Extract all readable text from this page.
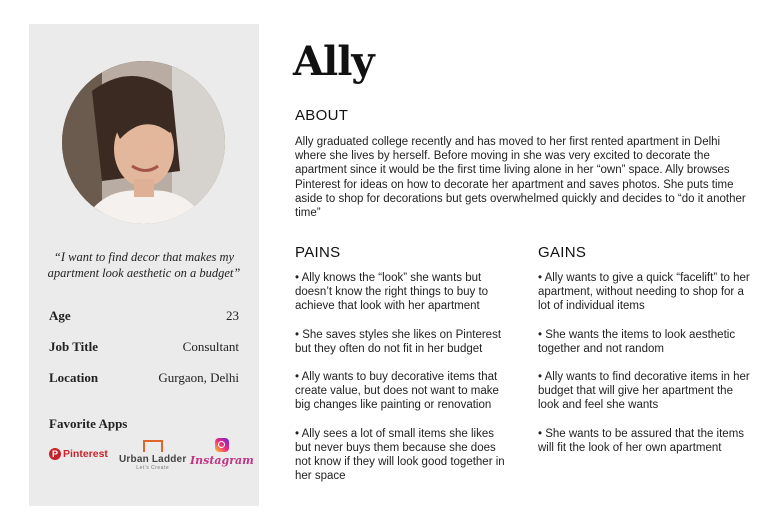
“I want to find decor that makes my apartment look aesthetic on a budget”
Age	23
Job Title	Consultant
Location	Gurgaon, Delhi
Favorite Apps
P Pinterest Urban Ladder
Let's Create
Instagram
Ally
ABOUT
Ally graduated college recently and has moved to her first rented apartment in Delhi where she lives by herself. Before moving in she was very excited to decorate the apartment since it would be the first time living alone in her “own” space. Ally browses Pinterest for ideas on how to decorate her apartment and saves photos. She puts time aside to shop for decorations but gets overwhelmed quickly and decides to “do it another time”
PAINS

• Ally knows the “look” she wants but doesn’t know the right things to buy to achieve that look with her apartment

• She saves styles she likes on Pinterest but they often do not fit in her budget

• Ally wants to buy decorative items that create value, but does not want to make big changes like painting or renovation

• Ally sees a lot of small items she likes but never buys them because she does not know if they will look good together in her space

GAINS

• Ally wants to give a quick “facelift” to her apartment, without needing to shop for a lot of individual items

• She wants the items to look aesthetic together and not random

• Ally wants to find decorative items in her budget that will give her apartment the look and feel she wants

• She wants to be assured that the items will fit the look of her own apartment
